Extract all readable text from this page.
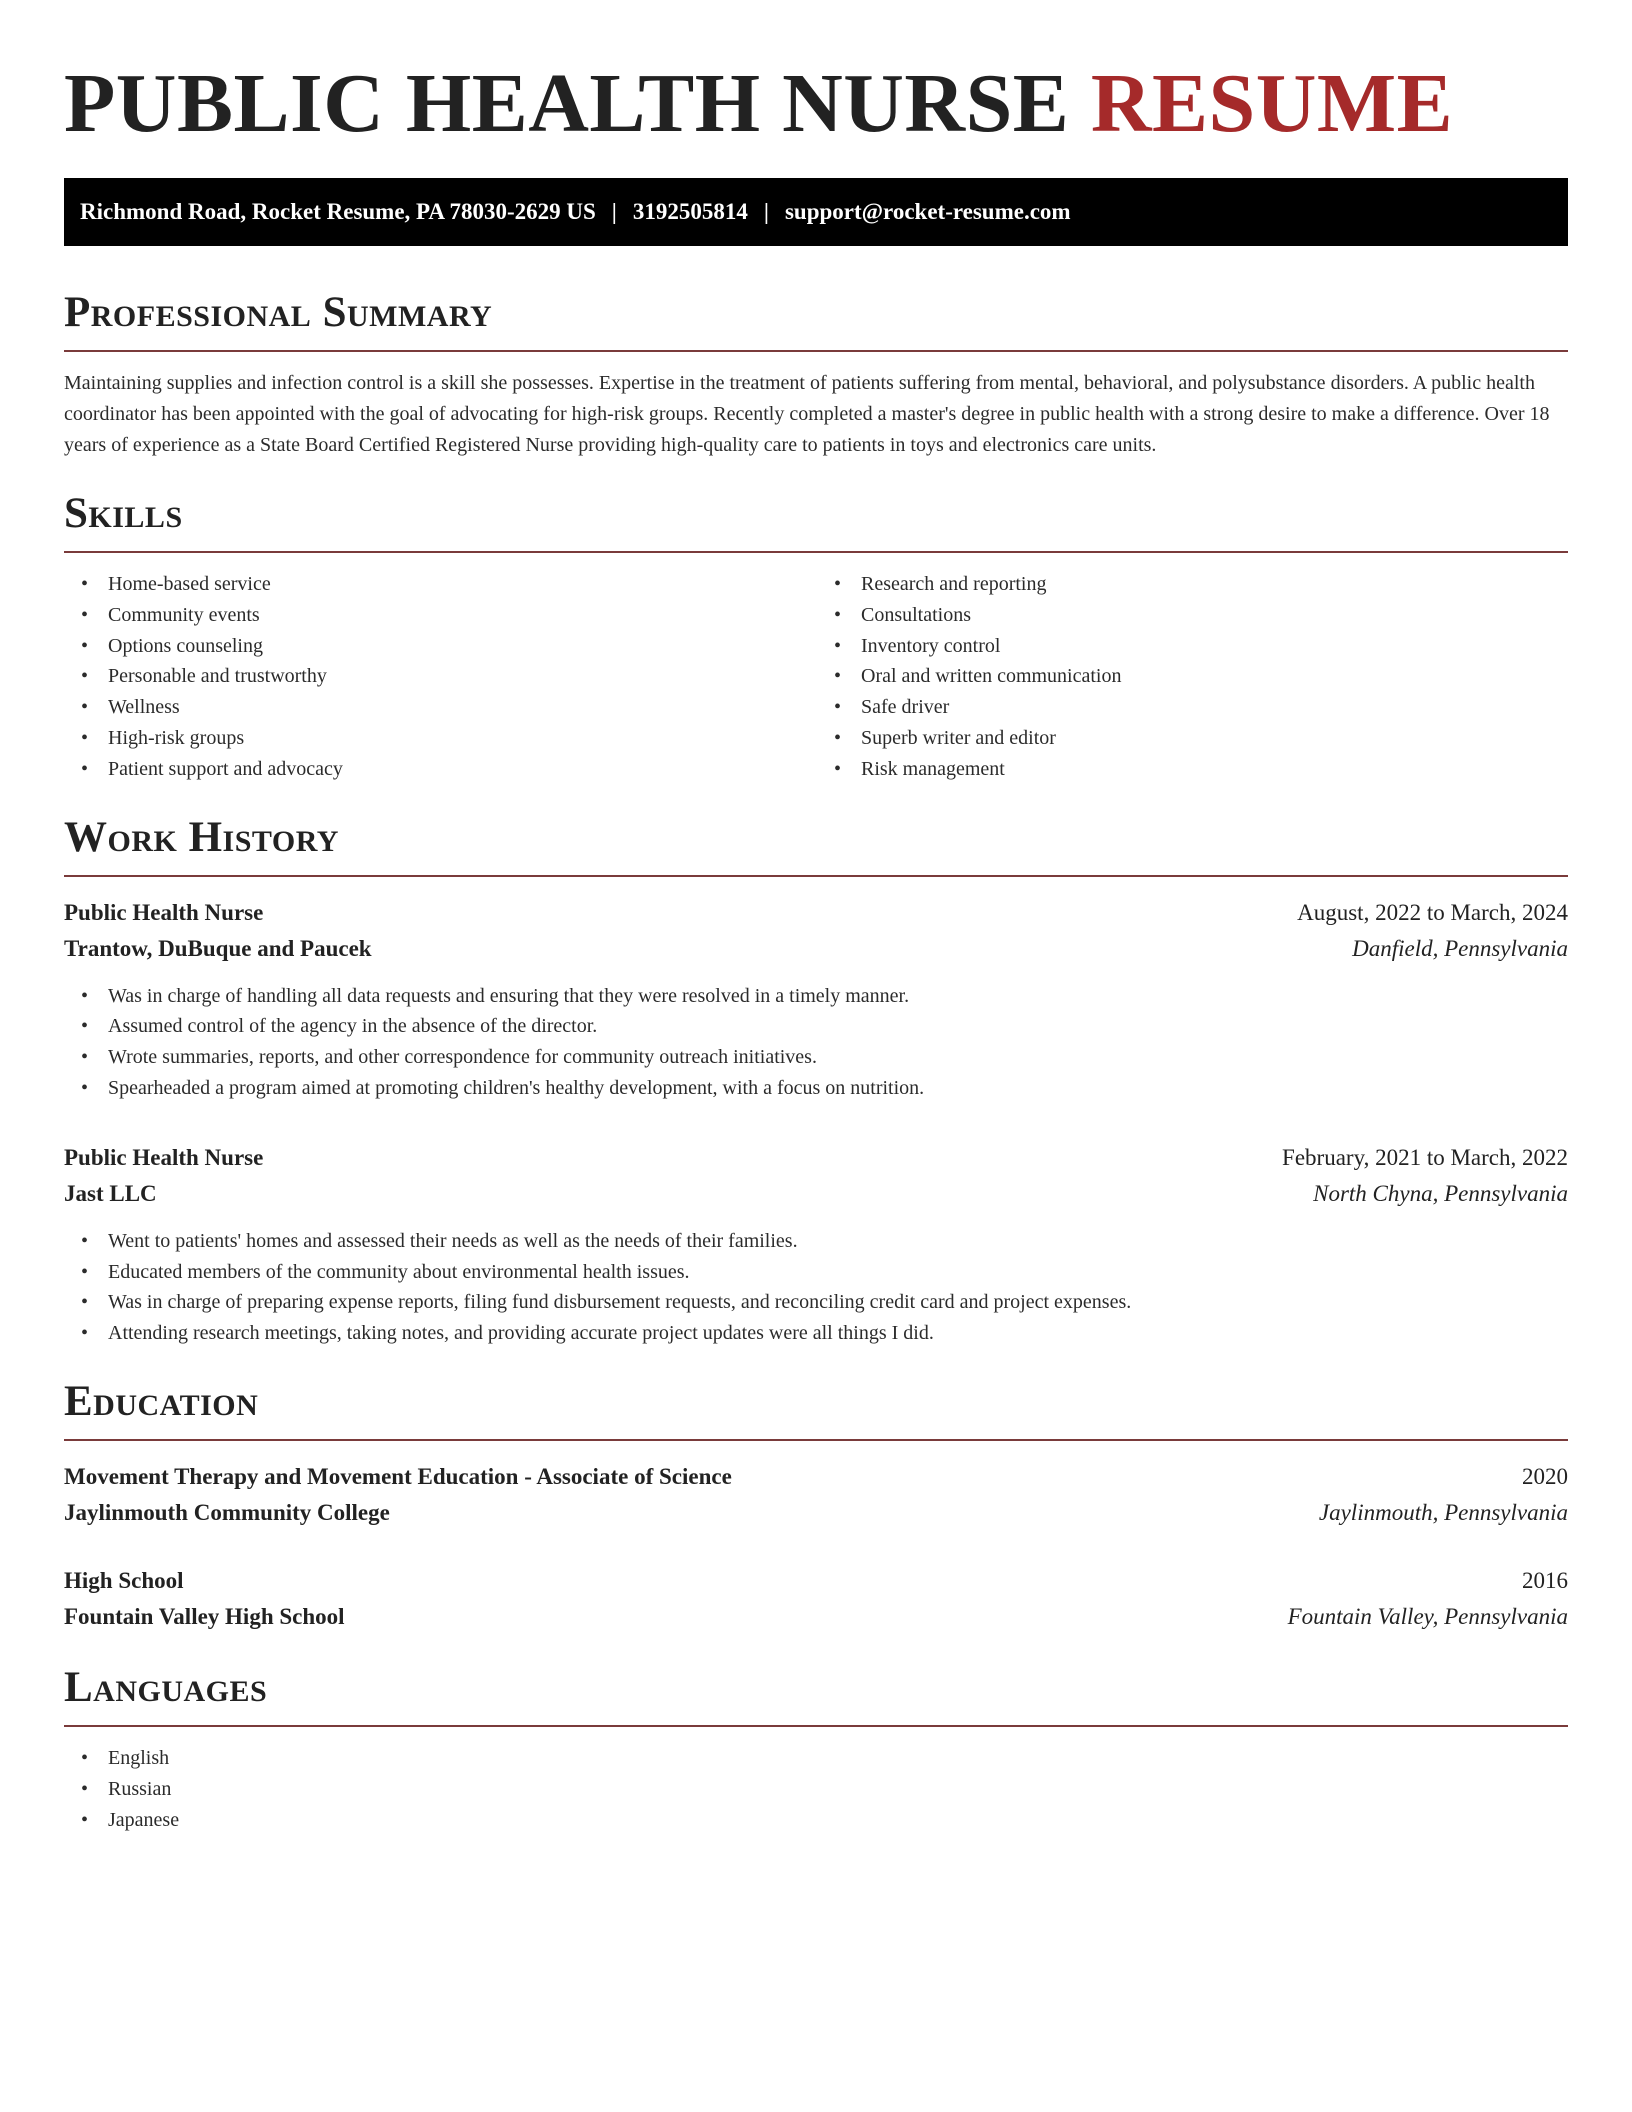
PUBLIC HEALTH NURSE RESUME
Richmond Road, Rocket Resume, PA 78030-2629 US | 3192505814 | support@rocket-resume.com
Professional Summary

Maintaining supplies and infection control is a skill she possesses. Expertise in the treatment of patients suffering from mental, behavioral, and polysubstance disorders. A public health coordinator has been appointed with the goal of advocating for high-risk groups. Recently completed a master's degree in public health with a strong desire to make a difference. Over 18 years of experience as a State Board Certified Registered Nurse providing high-quality care to patients in toys and electronics care units.

Skills
• Home-based service
• Community events
• Options counseling
• Personable and trustworthy
• Wellness
• High-risk groups
• Patient support and advocacy
• Research and reporting
• Consultations
• Inventory control
• Oral and written communication
• Safe driver
• Superb writer and editor
• Risk management
Work History
Public Health Nurse	August, 2022 to March, 2024
Trantow, DuBuque and Paucek	Danfield, Pennsylvania
• Was in charge of handling all data requests and ensuring that they were resolved in a timely manner.
• Assumed control of the agency in the absence of the director.
• Wrote summaries, reports, and other correspondence for community outreach initiatives.
• Spearheaded a program aimed at promoting children's healthy development, with a focus on nutrition.
Public Health Nurse	February, 2021 to March, 2022
Jast LLC	North Chyna, Pennsylvania
• Went to patients' homes and assessed their needs as well as the needs of their families.
• Educated members of the community about environmental health issues.
• Was in charge of preparing expense reports, filing fund disbursement requests, and reconciling credit card and project expenses.
• Attending research meetings, taking notes, and providing accurate project updates were all things I did.
Education
Movement Therapy and Movement Education - Associate of Science	2020
Jaylinmouth Community College	Jaylinmouth, Pennsylvania
High School	2016
Fountain Valley High School	Fountain Valley, Pennsylvania
Languages
• English
• Russian
• Japanese
